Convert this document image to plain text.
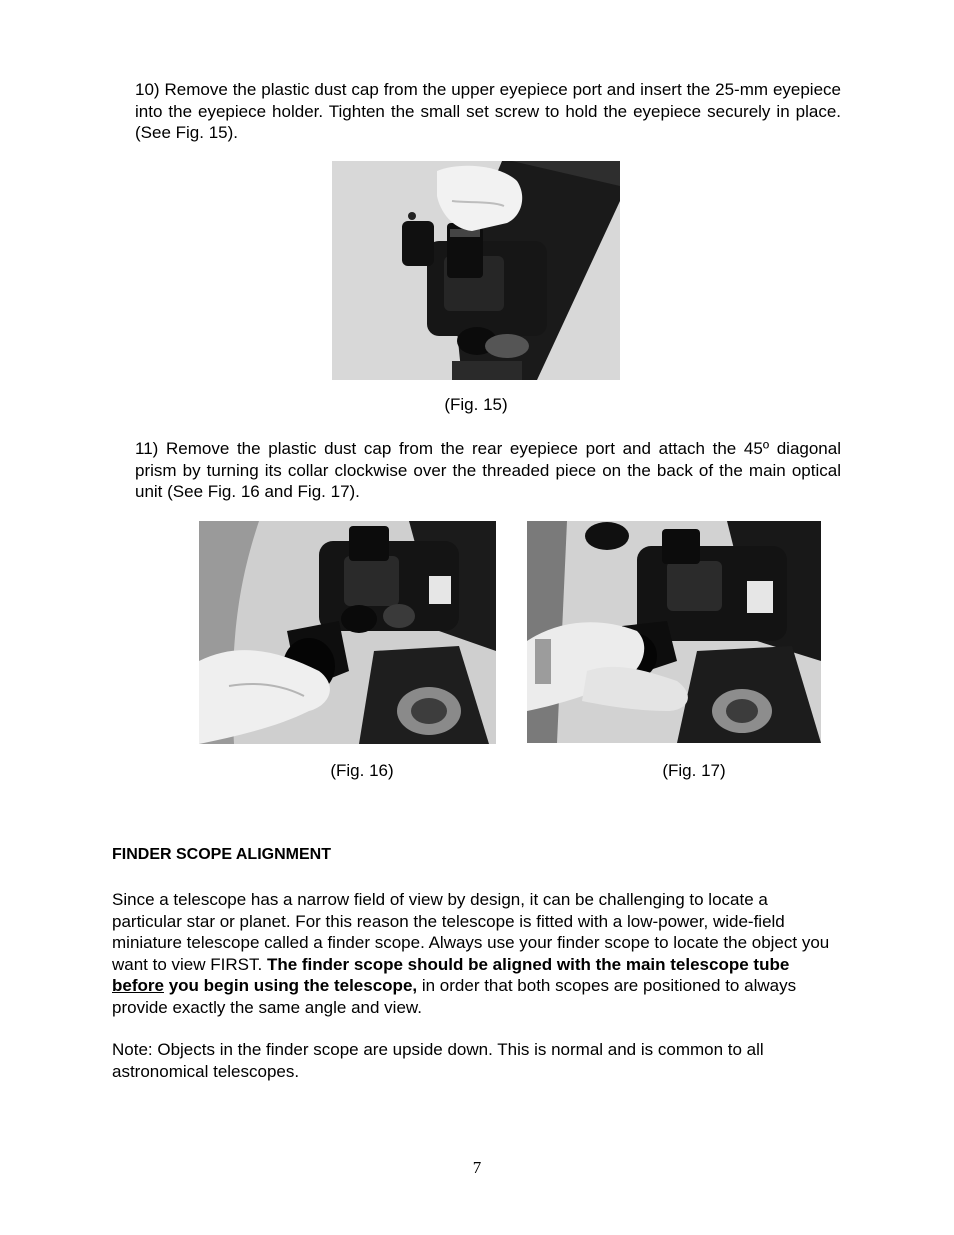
10) Remove the plastic dust cap from the upper eyepiece port and insert the 25-mm eyepiece into the eyepiece holder. Tighten the small set screw to hold the eyepiece securely in place. (See Fig. 15).
(Fig. 15)
11) Remove the plastic dust cap from the rear eyepiece port and attach the 45º diagonal prism by turning its collar clockwise over the threaded piece on the back of the main optical unit (See Fig. 16 and Fig. 17).
(Fig. 16)	(Fig. 17)
FINDER SCOPE ALIGNMENT
Since a telescope has a narrow field of view by design, it can be challenging to locate a particular star or planet. For this reason the telescope is fitted with a low-power, wide-field miniature telescope called a finder scope. Always use your finder scope to locate the object you want to view FIRST. The finder scope should be aligned with the main telescope tube before you begin using the telescope, in order that both scopes are positioned to always provide exactly the same angle and view.
Note: Objects in the finder scope are upside down. This is normal and is common to all astronomical telescopes.
7
